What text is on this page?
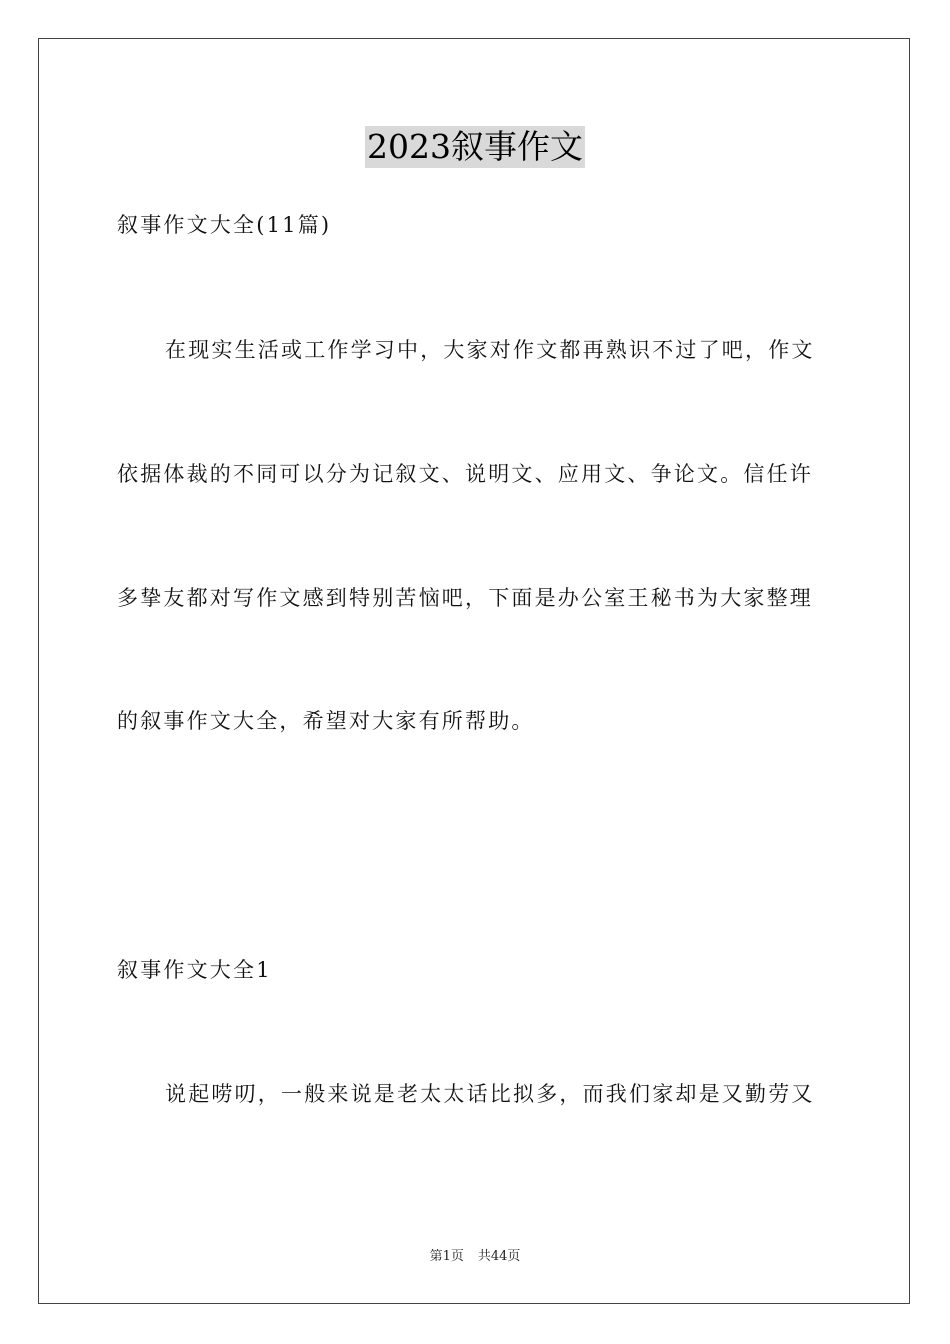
2023叙事作文
叙事作文大全(11篇)
在现实生活或工作学习中，大家对作文都再熟识不过了吧，作文
依据体裁的不同可以分为记叙文、说明文、应用文、争论文。信任许
多挚友都对写作文感到特别苦恼吧，下面是办公室王秘书为大家整理
的叙事作文大全，希望对大家有所帮助。
叙事作文大全1
说起唠叨，一般来说是老太太话比拟多，而我们家却是又勤劳又
第1页 共44页
